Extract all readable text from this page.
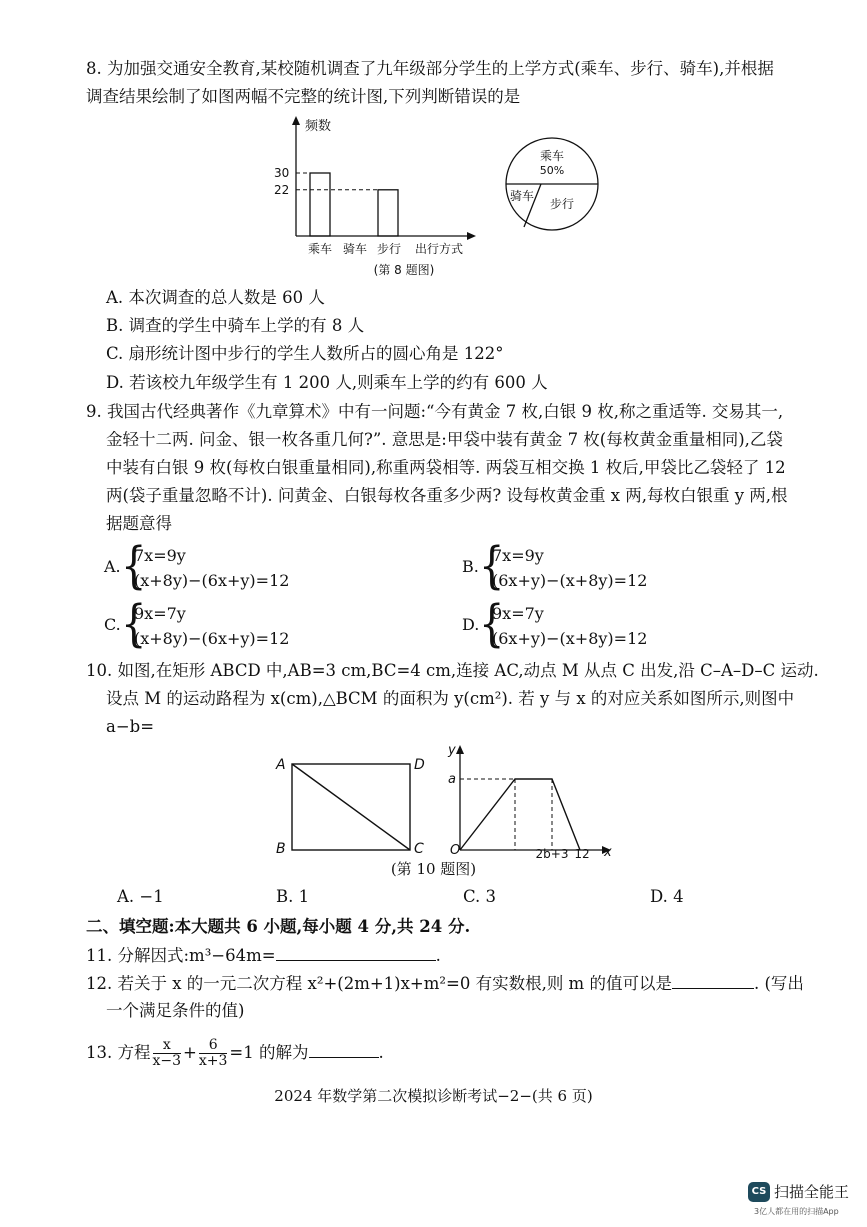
8. 为加强交通安全教育,某校随机调查了九年级部分学生的上学方式(乘车、步行、骑车),并根据
调查结果绘制了如图两幅不完整的统计图,下列判断错误的是
频数
30
22
乘车 骑车 步行 出行方式
(第 8 题图)
乘车
50%
骑车
步行
A. 本次调查的总人数是 60 人
B. 调查的学生中骑车上学的有 8 人
C. 扇形统计图中步行的学生人数所占的圆心角是 122°
D. 若该校九年级学生有 1 200 人,则乘车上学的约有 600 人
9. 我国古代经典著作《九章算术》中有一问题:“今有黄金 7 枚,白银 9 枚,称之重适等. 交易其一,
金轻十二两. 问金、银一枚各重几何?”. 意思是:甲袋中装有黄金 7 枚(每枚黄金重量相同),乙袋
中装有白银 9 枚(每枚白银重量相同),称重两袋相等. 两袋互相交换 1 枚后,甲袋比乙袋轻了 12
两(袋子重量忽略不计). 问黄金、白银每枚各重多少两? 设每枚黄金重 x 两,每枚白银重 y 两,根
据题意得
A. {
7x=9y
(x+8y)−(6x+y)=12
B. {
7x=9y
(6x+y)−(x+8y)=12
C. {
9x=7y
(x+8y)−(6x+y)=12
D. {
9x=7y
(6x+y)−(x+8y)=12
10. 如图,在矩形 ABCD 中,AB=3 cm,BC=4 cm,连接 AC,动点 M 从点 C 出发,沿 C–A–D–C 运动.
设点 M 的运动路程为 x(cm),△BCM 的面积为 y(cm²). 若 y 与 x 的对应关系如图所示,则图中
a−b=
A	D
B	C
y
x
O
a
2b+3 12
(第 10 题图)
A. −1	B. 1	C. 3	D. 4
二、填空题:本大题共 6 小题,每小题 4 分,共 24 分.
11. 分解因式:m³−64m=	.
12. 若关于 x 的一元二次方程 x²+(2m+1)x+m²=0 有实数根,则 m 的值可以是	. (写出
一个满足条件的值)
13. 方程 $\frac{x}{x-3} + \frac{6}{x+3} =1$ 的解为	.
2024 年数学第二次模拟诊断考试−2−(共 6 页)
CS 扫描全能王
3亿人都在用的扫描App
